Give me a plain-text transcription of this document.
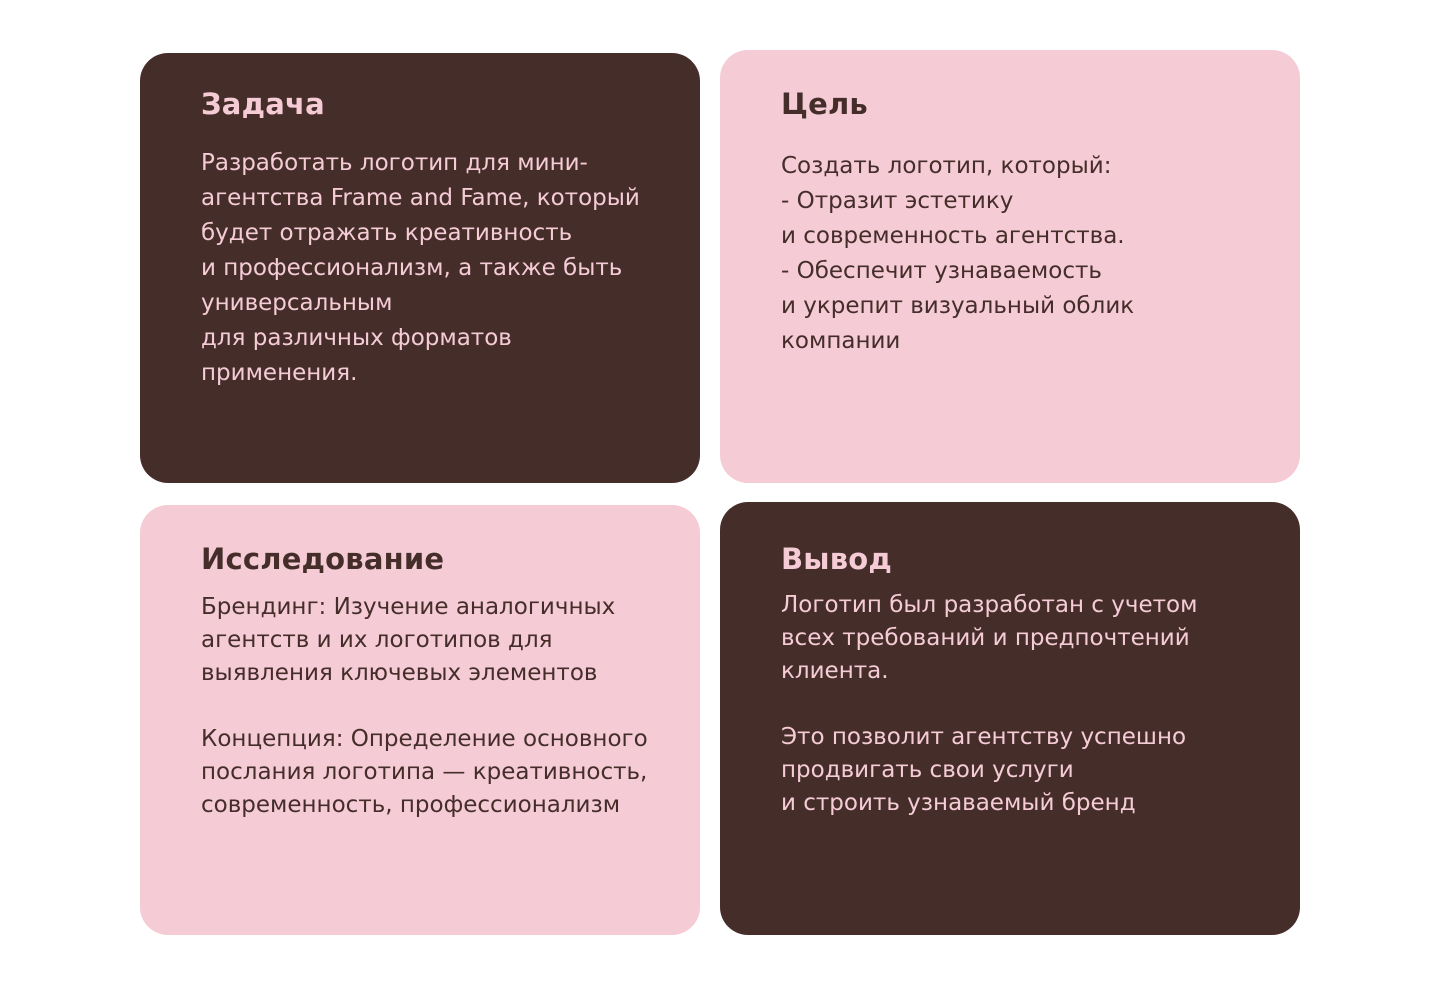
Задача

Разработать логотип для мини-
агентства Frame and Fame, который
будет отражать креативность
и профессионализм, а также быть
универсальным
для различных форматов
применения.

Цель

Создать логотип, который:
- Отразит эстетику
и современность агентства.
- Обеспечит узнаваемость
и укрепит визуальный облик
компании

Исследование

Брендинг: Изучение аналогичных
агентств и их логотипов для
выявления ключевых элементов

Концепция: Определение основного
послания логотипа — креативность,
современность, профессионализм

Вывод

Логотип был разработан с учетом
всех требований и предпочтений
клиента.

Это позволит агентству успешно
продвигать свои услуги
и строить узнаваемый бренд
